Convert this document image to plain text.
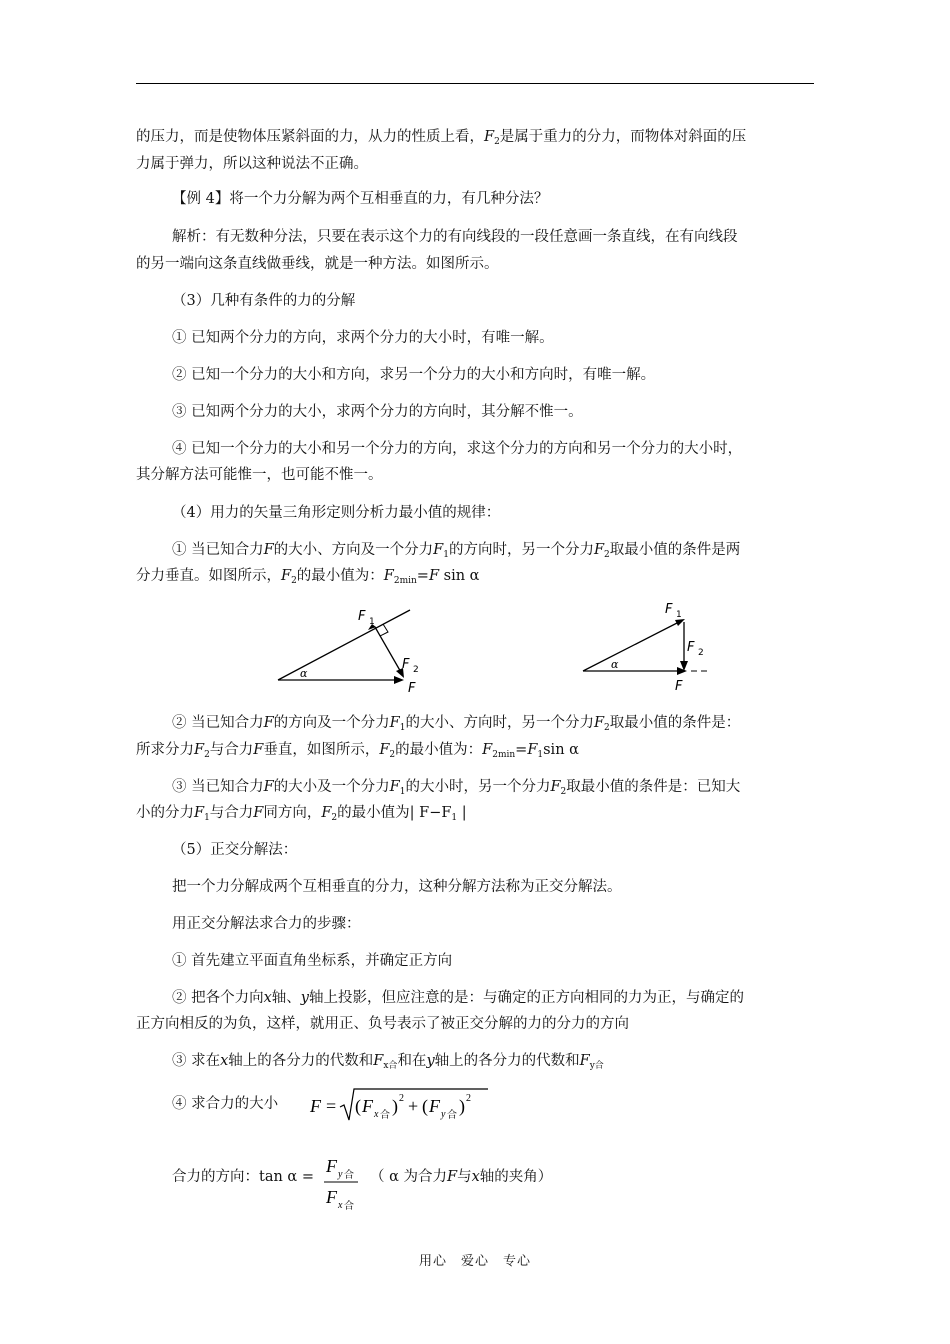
的压力，而是使物体压紧斜面的力，从力的性质上看，$F_2$是属于重力的分力，而物体对斜面的压
力属于弹力，所以这种说法不正确。
【例 4】将一个力分解为两个互相垂直的力，有几种分法？
解析：有无数种分法，只要在表示这个力的有向线段的一段任意画一条直线，在有向线段
的另一端向这条直线做垂线，就是一种方法。如图所示。
（3）几种有条件的力的分解
① 已知两个分力的方向，求两个分力的大小时，有唯一解。
② 已知一个分力的大小和方向，求另一个分力的大小和方向时，有唯一解。
③ 已知两个分力的大小，求两个分力的方向时，其分解不惟一。
④ 已知一个分力的大小和另一个分力的方向，求这个分力的方向和另一个分力的大小时，
其分解方法可能惟一，也可能不惟一。
（4）用力的矢量三角形定则分析力最小值的规律：
① 当已知合力F的大小、方向及一个分力$F_1$的方向时，另一个分力$F_2$取最小值的条件是两
分力垂直。如图所示，$F_2$的最小值为：$F_{2min}=F$ sin α
α
F 1
F 2
F
α
F 1
F 2
F
② 当已知合力F的方向及一个分力$F_1$的大小、方向时，另一个分力$F_2$取最小值的条件是：
所求分力$F_2$与合力F垂直，如图所示，$F_2$的最小值为：$F_{2min}=F_1\sin$ α
③ 当已知合力F的大小及一个分力$F_1$的大小时，另一个分力$F_2$取最小值的条件是：已知大
小的分力$F_1$与合力F同方向，$F_2$的最小值为| $F-F_1$ |
（5）正交分解法：
把一个力分解成两个互相垂直的分力，这种分解方法称为正交分解法。
用正交分解法求合力的步骤：
① 首先建立平面直角坐标系，并确定正方向
② 把各个力向x轴、y轴上投影，但应注意的是：与确定的正方向相同的力为正，与确定的
正方向相反的为负，这样，就用正、负号表示了被正交分解的力的分力的方向
③ 求在x轴上的各分力的代数和$F_{x合}$和在y轴上的各分力的代数和$F_{y合}$
④ 求合力的大小 F = ( F x 合 ) 2 + ( F y 合 ) 2
合力的方向：tan α =
F y 合
F x 合
（ α 为合力F与x轴的夹角）
用心　爱心　专心
